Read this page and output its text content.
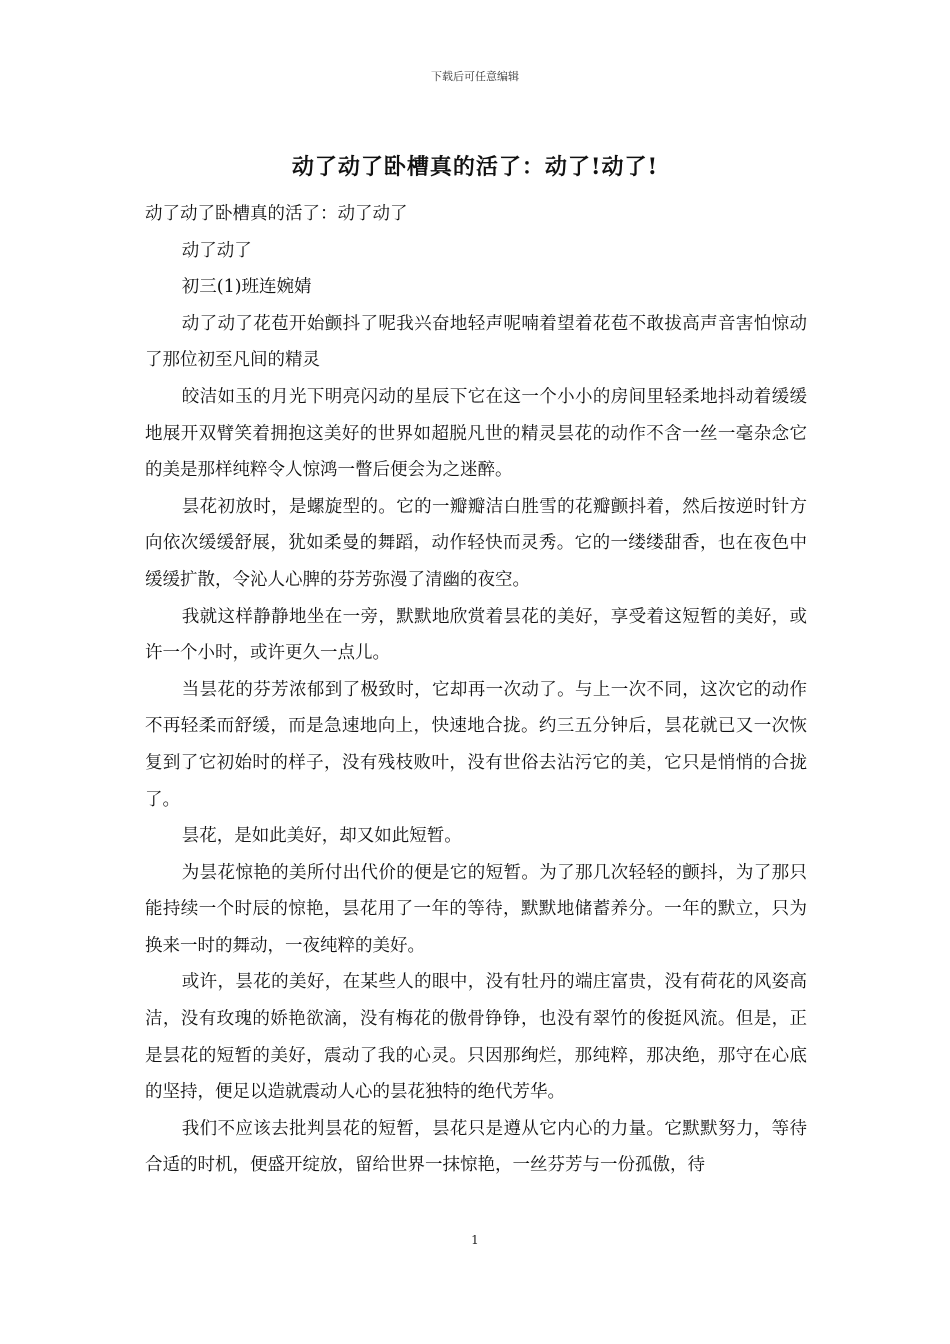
下载后可任意编辑
动了动了卧槽真的活了：动了!动了!

动了动了卧槽真的活了：动了动了

动了动了

初三(1)班连婉婧

动了动了花苞开始颤抖了呢我兴奋地轻声呢喃着望着花苞不敢拔高声音害怕惊动了那位初至凡间的精灵

皎洁如玉的月光下明亮闪动的星辰下它在这一个小小的房间里轻柔地抖动着缓缓地展开双臂笑着拥抱这美好的世界如超脱凡世的精灵昙花的动作不含一丝一毫杂念它的美是那样纯粹令人惊鸿一瞥后便会为之迷醉。

昙花初放时，是螺旋型的。它的一瓣瓣洁白胜雪的花瓣颤抖着，然后按逆时针方向依次缓缓舒展，犹如柔曼的舞蹈，动作轻快而灵秀。它的一缕缕甜香，也在夜色中缓缓扩散，令沁人心脾的芬芳弥漫了清幽的夜空。

我就这样静静地坐在一旁，默默地欣赏着昙花的美好，享受着这短暂的美好，或许一个小时，或许更久一点儿。

当昙花的芬芳浓郁到了极致时，它却再一次动了。与上一次不同，这次它的动作不再轻柔而舒缓，而是急速地向上，快速地合拢。约三五分钟后，昙花就已又一次恢复到了它初始时的样子，没有残枝败叶，没有世俗去沾污它的美，它只是悄悄的合拢了。

昙花，是如此美好，却又如此短暂。

为昙花惊艳的美所付出代价的便是它的短暂。为了那几次轻轻的颤抖，为了那只能持续一个时辰的惊艳，昙花用了一年的等待，默默地储蓄养分。一年的默立，只为换来一时的舞动，一夜纯粹的美好。

或许，昙花的美好，在某些人的眼中，没有牡丹的端庄富贵，没有荷花的风姿高洁，没有玫瑰的娇艳欲滴，没有梅花的傲骨铮铮，也没有翠竹的俊挺风流。但是，正是昙花的短暂的美好，震动了我的心灵。只因那绚烂，那纯粹，那决绝，那守在心底的坚持，便足以造就震动人心的昙花独特的绝代芳华。

我们不应该去批判昙花的短暂，昙花只是遵从它内心的力量。它默默努力，等待合适的时机，便盛开绽放，留给世界一抹惊艳，一丝芬芳与一份孤傲，待

1
